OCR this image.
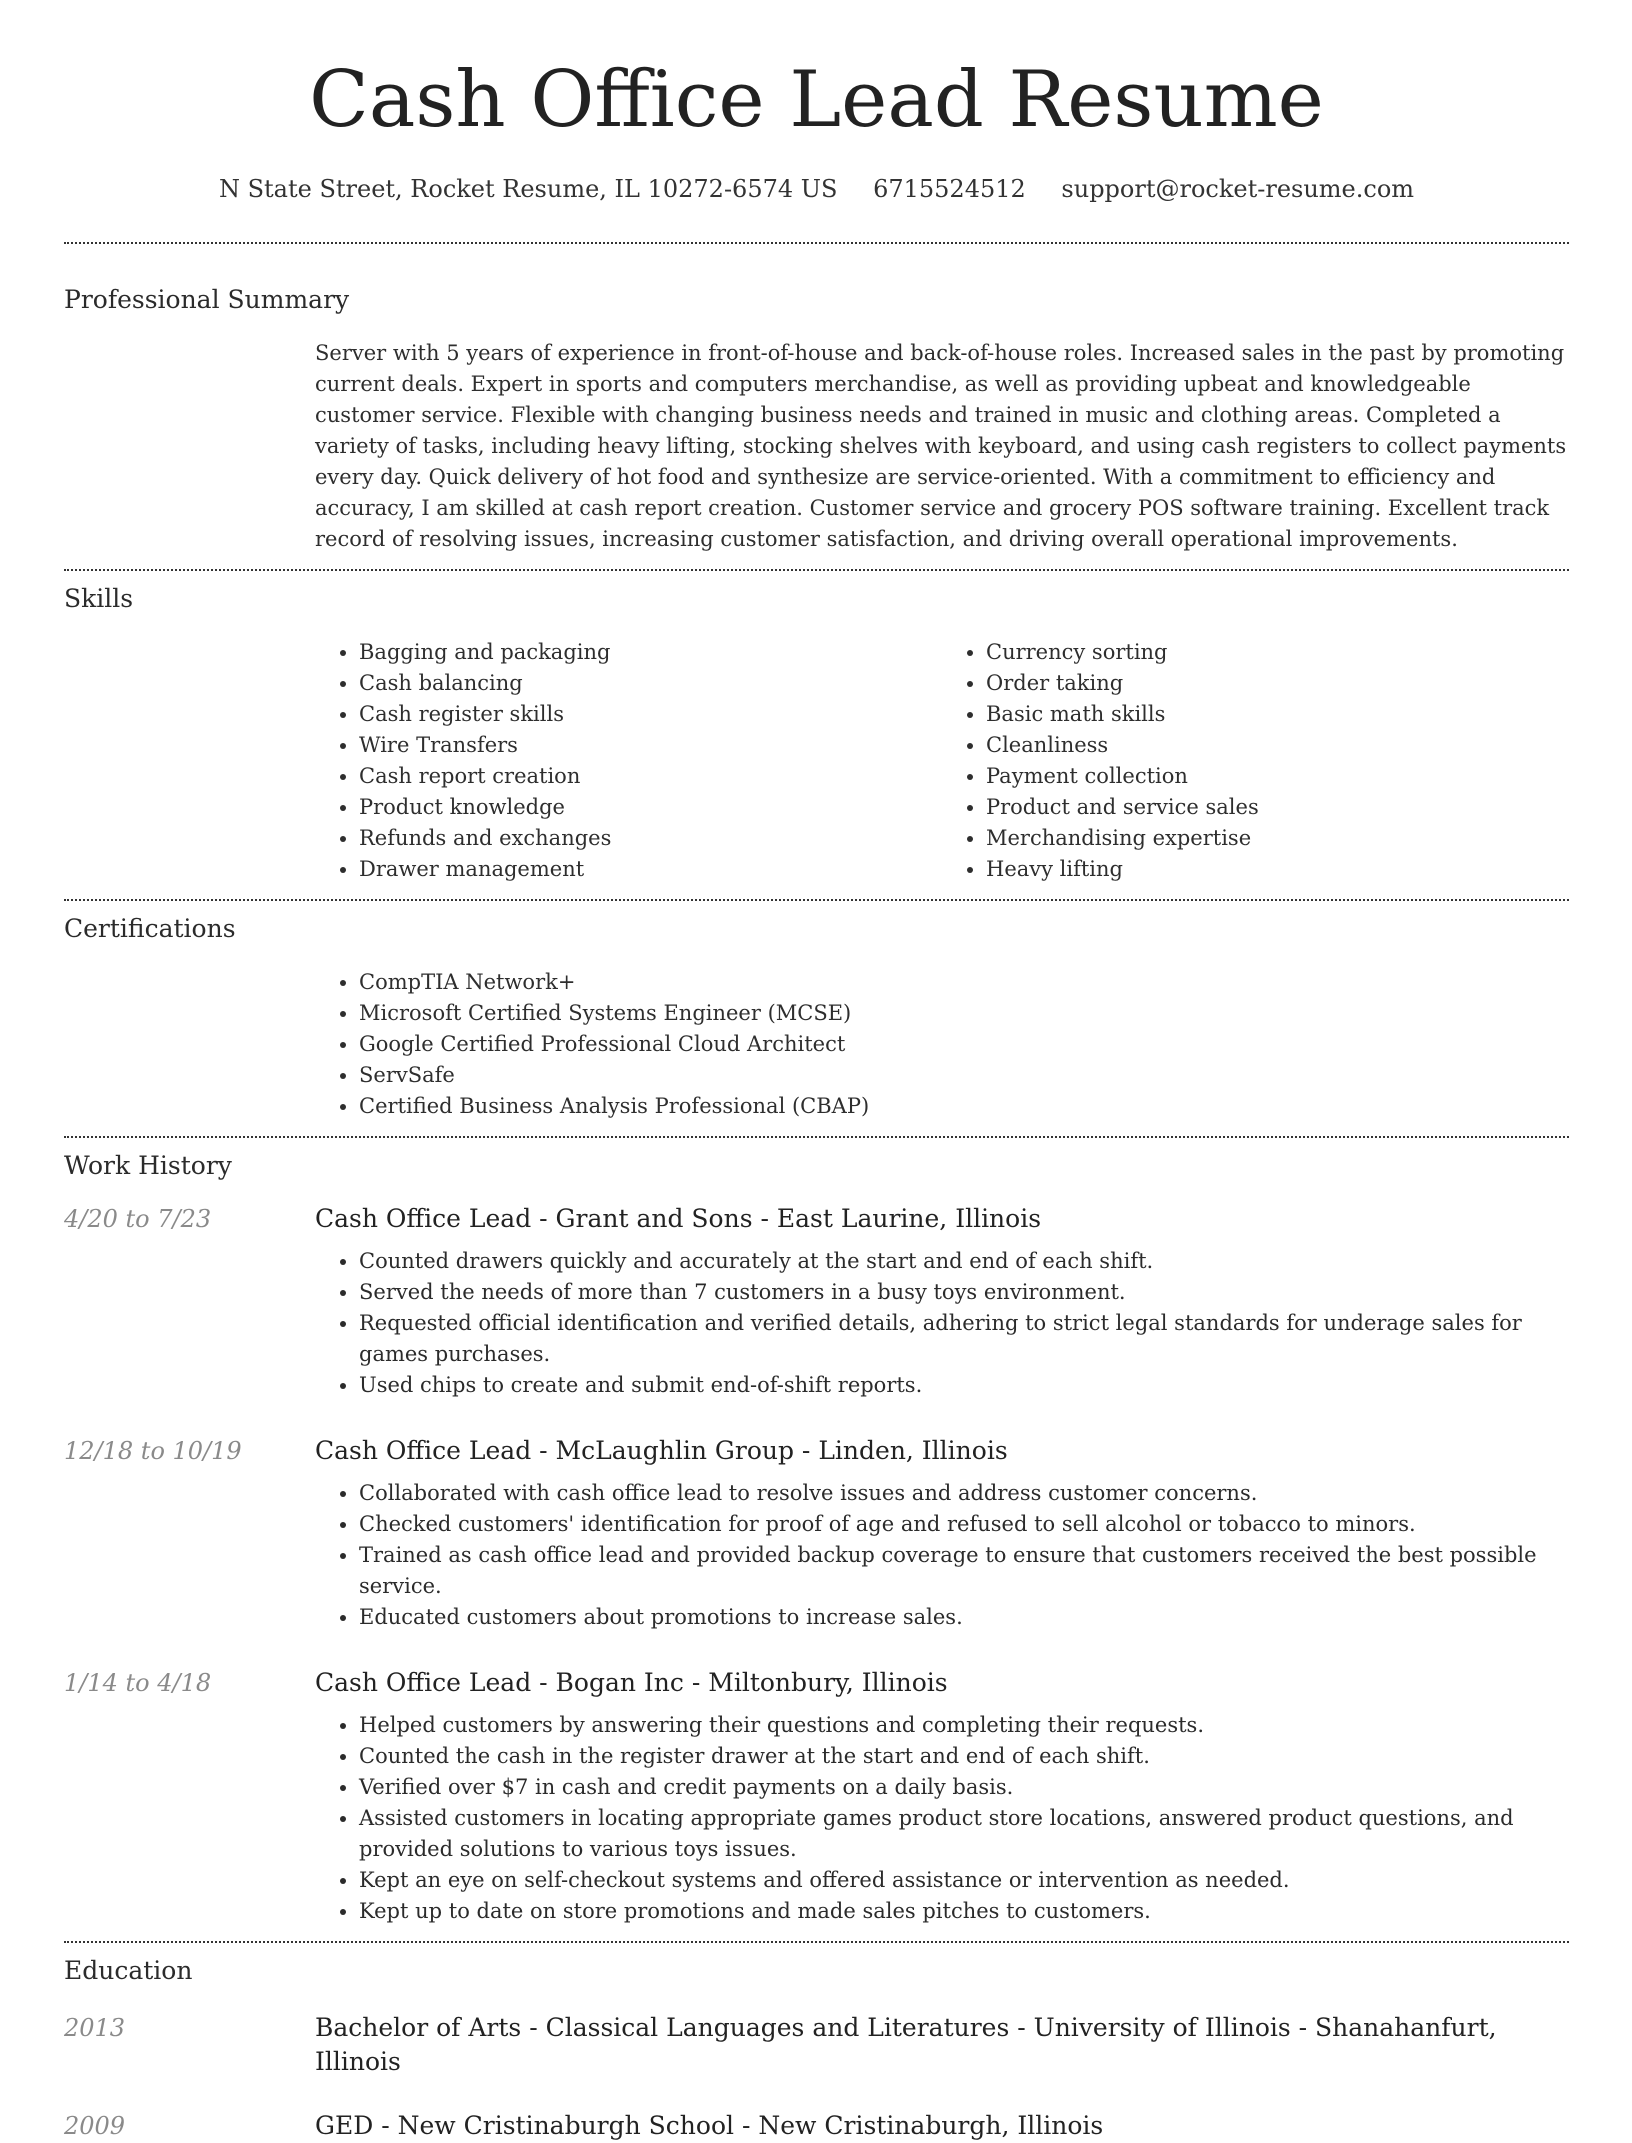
Cash Office Lead Resume
N State Street, Rocket Resume, IL 10272-6574 US 6715524512 support@rocket-resume.com
Professional Summary
Server with 5 years of experience in front-of-house and back-of-house roles. Increased sales in the past by promoting current deals. Expert in sports and computers merchandise, as well as providing upbeat and knowledgeable customer service. Flexible with changing business needs and trained in music and clothing areas. Completed a variety of tasks, including heavy lifting, stocking shelves with keyboard, and using cash registers to collect payments every day. Quick delivery of hot food and synthesize are service-oriented. With a commitment to efficiency and accuracy, I am skilled at cash report creation. Customer service and grocery POS software training. Excellent track record of resolving issues, increasing customer satisfaction, and driving overall operational improvements.
Skills
• Bagging and packaging
• Cash balancing
• Cash register skills
• Wire Transfers
• Cash report creation
• Product knowledge
• Refunds and exchanges
• Drawer management
• Currency sorting
• Order taking
• Basic math skills
• Cleanliness
• Payment collection
• Product and service sales
• Merchandising expertise
• Heavy lifting
Certifications
• CompTIA Network+
• Microsoft Certified Systems Engineer (MCSE)
• Google Certified Professional Cloud Architect
• ServSafe
• Certified Business Analysis Professional (CBAP)
Work History
4/20 to 7/23	Cash Office Lead - Grant and Sons - East Laurine, Illinois
• Counted drawers quickly and accurately at the start and end of each shift.
• Served the needs of more than 7 customers in a busy toys environment.
• Requested official identification and verified details, adhering to strict legal standards for underage sales for games purchases.
• Used chips to create and submit end-of-shift reports.
12/18 to 10/19	Cash Office Lead - McLaughlin Group - Linden, Illinois
• Collaborated with cash office lead to resolve issues and address customer concerns.
• Checked customers' identification for proof of age and refused to sell alcohol or tobacco to minors.
• Trained as cash office lead and provided backup coverage to ensure that customers received the best possible service.
• Educated customers about promotions to increase sales.
1/14 to 4/18	Cash Office Lead - Bogan Inc - Miltonbury, Illinois
• Helped customers by answering their questions and completing their requests.
• Counted the cash in the register drawer at the start and end of each shift.
• Verified over $7 in cash and credit payments on a daily basis.
• Assisted customers in locating appropriate games product store locations, answered product questions, and provided solutions to various toys issues.
• Kept an eye on self-checkout systems and offered assistance or intervention as needed.
• Kept up to date on store promotions and made sales pitches to customers.
Education
2013	Bachelor of Arts - Classical Languages and Literatures - University of Illinois - Shanahanfurt, Illinois
2009	GED - New Cristinaburgh School - New Cristinaburgh, Illinois
